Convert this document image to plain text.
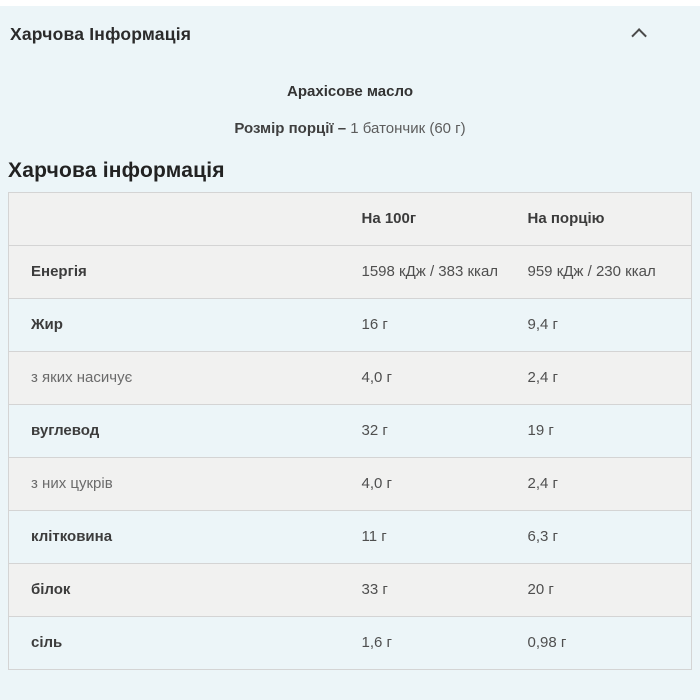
Харчова Інформація
Арахісове масло
Розмір порції – 1 батончик (60 г)
Харчова інформація
	На 100г	На порцію
Енергія	1598 кДж / 383 ккал	959 кДж / 230 ккал
Жир	16 г	9,4 г
з яких насичує	4,0 г	2,4 г
вуглевод	32 г	19 г
з них цукрів	4,0 г	2,4 г
клітковина	11 г	6,3 г
білок	33 г	20 г
сіль	1,6 г	0,98 г
